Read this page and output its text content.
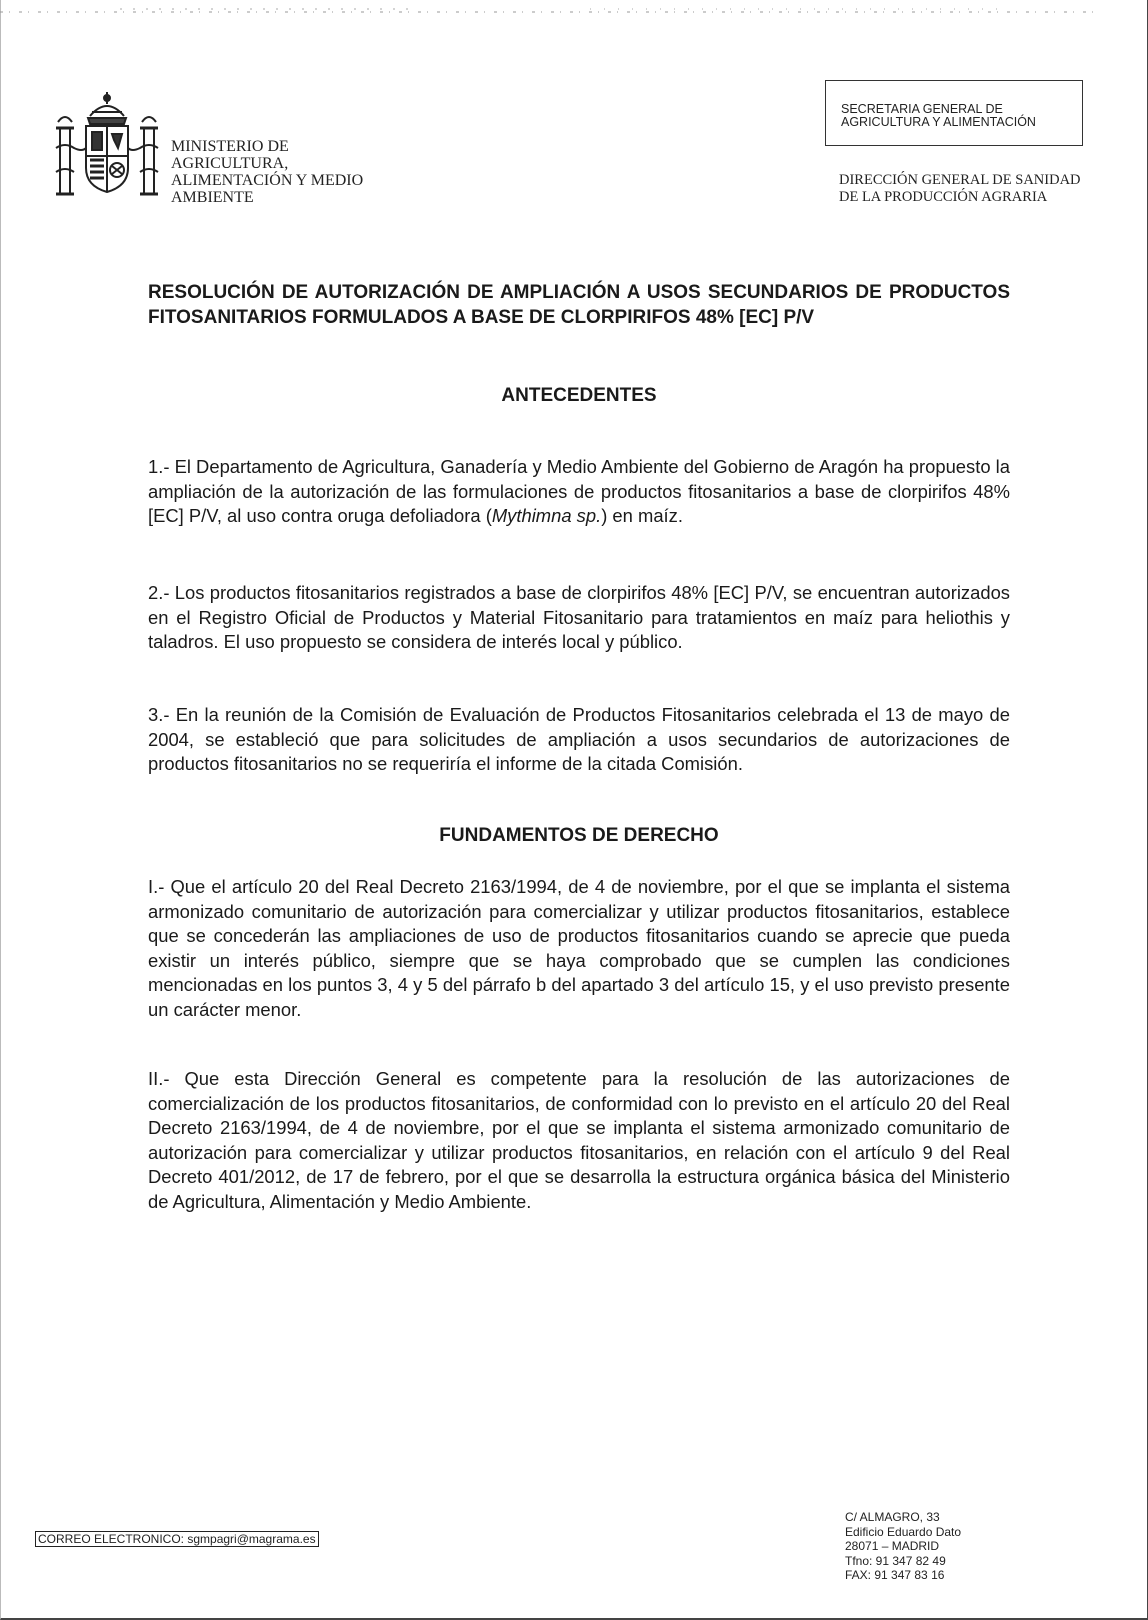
MINISTERIO DE
AGRICULTURA,
ALIMENTACIÓN Y MEDIO
AMBIENTE
SECRETARIA GENERAL DE
AGRICULTURA Y ALIMENTACIÓN
DIRECCIÓN GENERAL DE SANIDAD
DE LA PRODUCCIÓN AGRARIA
RESOLUCIÓN DE AUTORIZACIÓN DE AMPLIACIÓN A USOS SECUNDARIOS DE PRODUCTOS FITOSANITARIOS FORMULADOS A BASE DE CLORPIRIFOS 48% [EC] P/V
ANTECEDENTES
1.- El Departamento de Agricultura, Ganadería y Medio Ambiente del Gobierno de Aragón ha propuesto la ampliación de la autorización de las formulaciones de productos fitosanitarios a base de clorpirifos 48% [EC] P/V, al uso contra oruga defoliadora (Mythimna sp.) en maíz.
2.- Los productos fitosanitarios registrados a base de clorpirifos 48% [EC] P/V, se encuentran autorizados en el Registro Oficial de Productos y Material Fitosanitario para tratamientos en maíz para heliothis y taladros. El uso propuesto se considera de interés local y público.
3.- En la reunión de la Comisión de Evaluación de Productos Fitosanitarios celebrada el 13 de mayo de 2004, se estableció que para solicitudes de ampliación a usos secundarios de autorizaciones de productos fitosanitarios no se requeriría el informe de la citada Comisión.
FUNDAMENTOS DE DERECHO
I.- Que el artículo 20 del Real Decreto 2163/1994, de 4 de noviembre, por el que se implanta el sistema armonizado comunitario de autorización para comercializar y utilizar productos fitosanitarios, establece que se concederán las ampliaciones de uso de productos fitosanitarios cuando se aprecie que pueda existir un interés público, siempre que se haya comprobado que se cumplen las condiciones mencionadas en los puntos 3, 4 y 5 del párrafo b del apartado 3 del artículo 15, y el uso previsto presente un carácter menor.
II.- Que esta Dirección General es competente para la resolución de las autorizaciones de comercialización de los productos fitosanitarios, de conformidad con lo previsto en el artículo 20 del Real Decreto 2163/1994, de 4 de noviembre, por el que se implanta el sistema armonizado comunitario de autorización para comercializar y utilizar productos fitosanitarios, en relación con el artículo 9 del Real Decreto 401/2012, de 17 de febrero, por el que se desarrolla la estructura orgánica básica del Ministerio de Agricultura, Alimentación y Medio Ambiente.
CORREO ELECTRONICO: sgmpagri@magrama.es
C/ ALMAGRO, 33
Edificio Eduardo Dato
28071 – MADRID
Tfno: 91 347 82 49
FAX: 91 347 83 16
